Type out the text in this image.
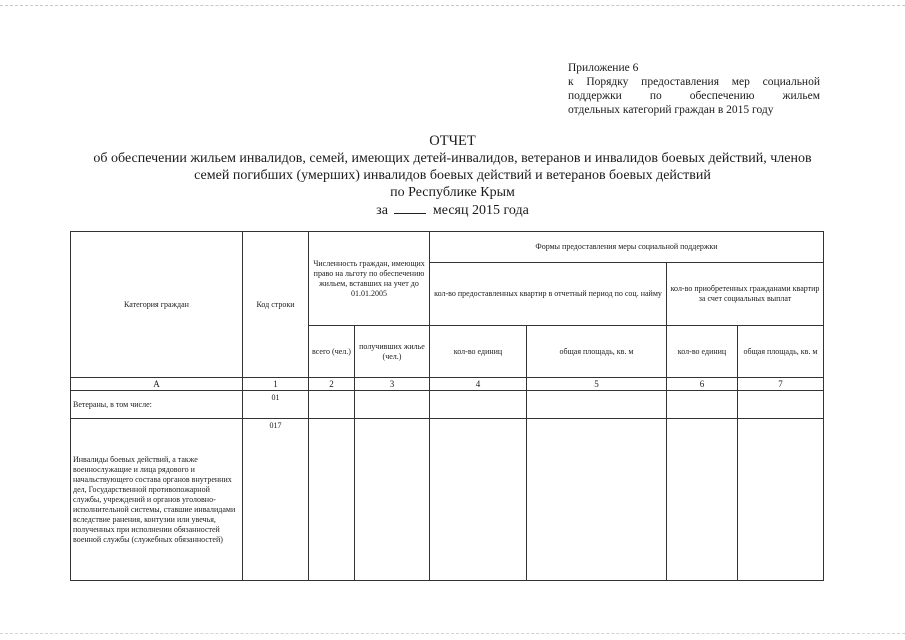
Приложение 6
к Порядку предоставления мер социальной
поддержки по обеспечению жильем
отдельных категорий граждан в 2015 году
ОТЧЕТ
об обеспечении жильем инвалидов, семей, имеющих детей-инвалидов, ветеранов и инвалидов боевых действий, членов
семей погибших (умерших) инвалидов боевых действий и ветеранов боевых действий
по Республике Крым
за	месяц 2015 года
Категория граждан	Код строки	Численность граждан, имеющих право на льготу по обеспечению жильем, вставших на учет до 01.01.2005		Формы предоставления меры социальной поддержки			
				кол-во предоставленных квартир в отчетный период по соц. найму		кол-во приобретенных гражданами квартир за счет социальных выплат	
		всего (чел.)	получивших жилье (чел.)	кол-во единиц	общая площадь, кв. м	кол-во единиц	общая площадь, кв. м
А	1	2	3	4	5	6	7
Ветераны, в том числе:	01						
Инвалиды боевых действий, а также военнослужащие и лица рядового и начальствующего состава органов внутренних дел, Государственной противопожарной службы, учреждений и органов уголовно- исполнительной системы, ставшие инвалидами вследствие ранения, контузии или увечья, полученных при исполнении обязанностей военной службы (служебных обязанностей)	017						
